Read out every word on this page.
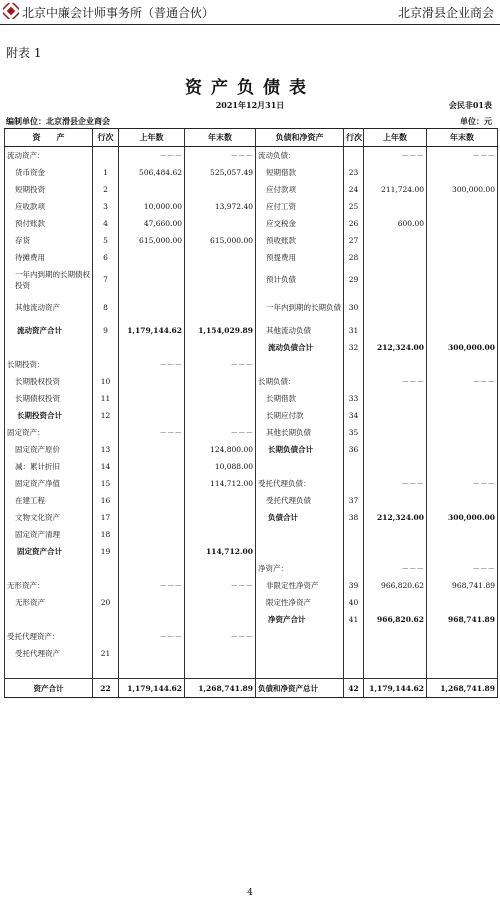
北京中廉会计师事务所（普通合伙）	北京滑县企业商会
附表 1
资产负债表
2021年12月31日	会民非01表
编制单位：北京滑县企业商会	单位：元
资　　产	行次	上年数	年末数	负债和净资产	行次	上年数	年末数
流动资产：		－－－	－－－	流动负债：		－－－	－－－
货币资金	1	506,484.62	525,057.49	短期借款	23		
短期投资	2			应付款项	24	211,724.00	300,000.00
应收款项	3	10,000.00	13,972.40	应付工资	25		
预付账款	4	47,660.00		应交税金	26	600.00	
存货	5	615,000.00	615,000.00	预收账款	27		
待摊费用	6			预提费用	28		
一年内到期的长期债权投资	7			预计负债	29		
其他流动资产	8			一年内到期的长期负债	30		
流动资产合计	9	1,179,144.62	1,154,029.89	其他流动负债	31		
				流动负债合计	32	212,324.00	300,000.00
长期投资：		－－－	－－－				
长期股权投资	10			长期负债：		－－－	－－－
长期债权投资	11			长期借款	33		
长期投资合计	12			长期应付款	34		
固定资产：		－－－	－－－	其他长期负债	35		
固定资产原价	13		124,800.00	长期负债合计	36		
减：累计折旧	14		10,088.00				
固定资产净值	15		114,712.00	受托代理负债：		－－－	－－－
在建工程	16			受托代理负债	37		
文物文化资产	17			负债合计	38	212,324.00	300,000.00
固定资产清理	18						
固定资产合计	19		114,712.00				
				净资产：		－－－	－－－
无形资产：		－－－	－－－	非限定性净资产	39	966,820.62	968,741.89
无形资产	20			限定性净资产	40		
				净资产合计	41	966,820.62	968,741.89
受托代理资产：		－－－	－－－				
受托代理资产	21						

资产合计	22	1,179,144.62	1,268,741.89	负债和净资产总计	42	1,179,144.62	1,268,741.89
4
